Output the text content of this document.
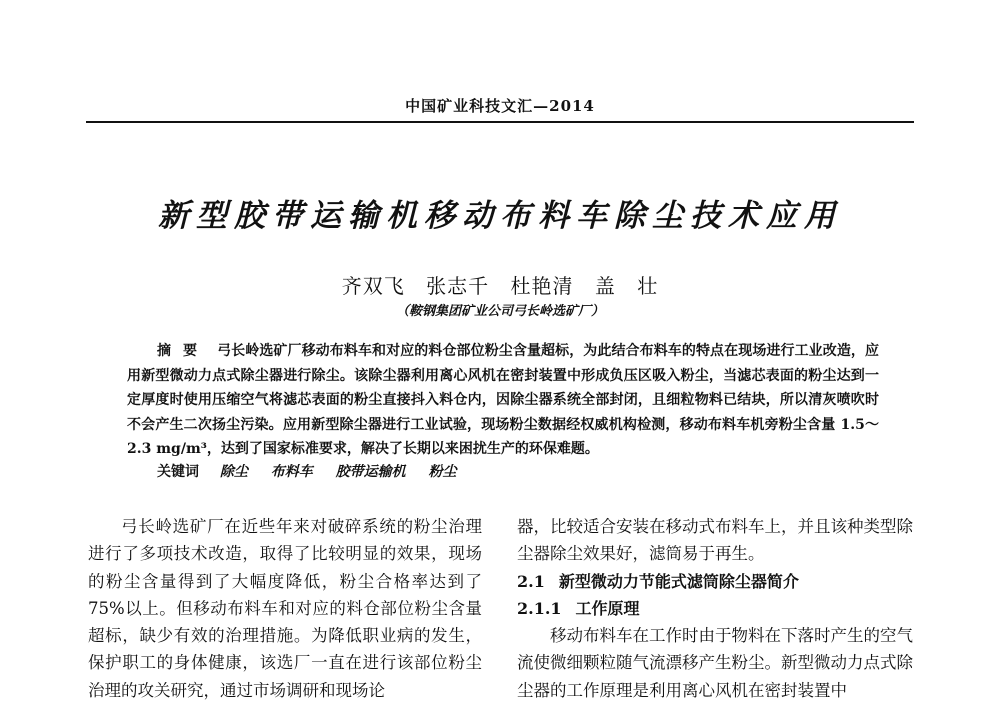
中国矿业科技文汇—2014
新型胶带运输机移动布料车除尘技术应用
齐双飞 张志千 杜艳清 盖 壮
（鞍钢集团矿业公司弓长岭选矿厂）
摘要 弓长岭选矿厂移动布料车和对应的料仓部位粉尘含量超标，为此结合布料车的特点在现场进行工业改造，应用新型微动力点式除尘器进行除尘。该除尘器利用离心风机在密封装置中形成负压区吸入粉尘，当滤芯表面的粉尘达到一定厚度时使用压缩空气将滤芯表面的粉尘直接抖入料仓内，因除尘器系统全部封闭，且细粒物料已结块，所以清灰喷吹时不会产生二次扬尘污染。应用新型除尘器进行工业试验，现场粉尘数据经权威机构检测，移动布料车机旁粉尘含量 1.5～2.3 mg/m³，达到了国家标准要求，解决了长期以来困扰生产的环保难题。
关键词 除尘 布料车 胶带运输机 粉尘

弓长岭选矿厂在近些年来对破碎系统的粉尘治理进行了多项技术改造，取得了比较明显的效果，现场的粉尘含量得到了大幅度降低，粉尘合格率达到了75%以上。但移动布料车和对应的料仓部位粉尘含量超标，缺少有效的治理措施。为降低职业病的发生，保护职工的身体健康，该选厂一直在进行该部位粉尘治理的攻关研究，通过市场调研和现场论

器，比较适合安装在移动式布料车上，并且该种类型除尘器除尘效果好，滤筒易于再生。

2.1 新型微动力节能式滤筒除尘器简介

2.1.1 工作原理

移动布料车在工作时由于物料在下落时产生的空气流使微细颗粒随气流漂移产生粉尘。新型微动力点式除尘器的工作原理是利用离心风机在密封装置中
